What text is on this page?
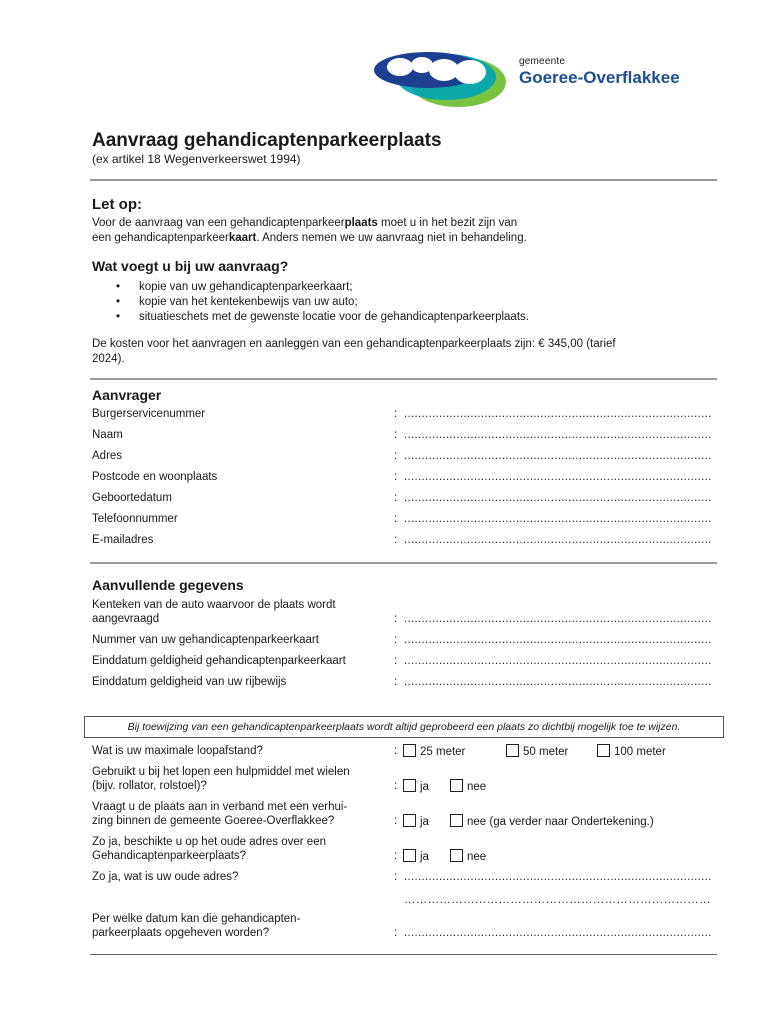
gemeente
Goeree-Overflakkee
Aanvraag gehandicaptenparkeerplaats
(ex artikel 18 Wegenverkeerswet 1994)
Let op:
Voor de aanvraag van een gehandicaptenparkeerplaats moet u in het bezit zijn van
een gehandicaptenparkeerkaart. Anders nemen we uw aanvraag niet in behandeling.
Wat voegt u bij uw aanvraag?
• kopie van uw gehandicaptenparkeerkaart;
• kopie van het kentekenbewijs van uw auto;
• situatieschets met de gewenste locatie voor de gehandicaptenparkeerplaats.
De kosten voor het aanvragen en aanleggen van een gehandicaptenparkeerplaats zijn: € 345,00 (tarief
2024).
Aanvrager
Burgerservicenummer	: ........................................................................................
Naam	: ........................................................................................
Adres	: ........................................................................................
Postcode en woonplaats	: ........................................................................................
Geboortedatum	: ........................................................................................
Telefoonnummer	: ........................................................................................
E-mailadres	: ........................................................................................
Aanvullende gegevens
Kenteken van de auto waarvoor de plaats wordt
aangevraagd	: ........................................................................................
Nummer van uw gehandicaptenparkeerkaart	: ........................................................................................
Einddatum geldigheid gehandicaptenparkeerkaart	: ........................................................................................
Einddatum geldigheid van uw rijbewijs	: ........................................................................................
Bij toewijzing van een gehandicaptenparkeerplaats wordt altijd geprobeerd een plaats zo dichtbij mogelijk toe te wijzen.
Wat is uw maximale loopafstand?	:	25 meter	50 meter	100 meter
Gebruikt u bij het lopen een hulpmiddel met wielen
(bijv. rollator, rolstoel)?	:	ja	nee
Vraagt u de plaats aan in verband met een verhui-
zing binnen de gemeente Goeree-Overflakkee?	:	ja	nee (ga verder naar Ondertekening.)
Zo ja, beschikte u op het oude adres over een
Gehandicaptenparkeerplaats?	:	ja	nee
Zo ja, wat is uw oude adres?	: ........................................................................................
……………………………………………………………………
Per welke datum kan die gehandicapten-
parkeerplaats opgeheven worden?	: ........................................................................................
